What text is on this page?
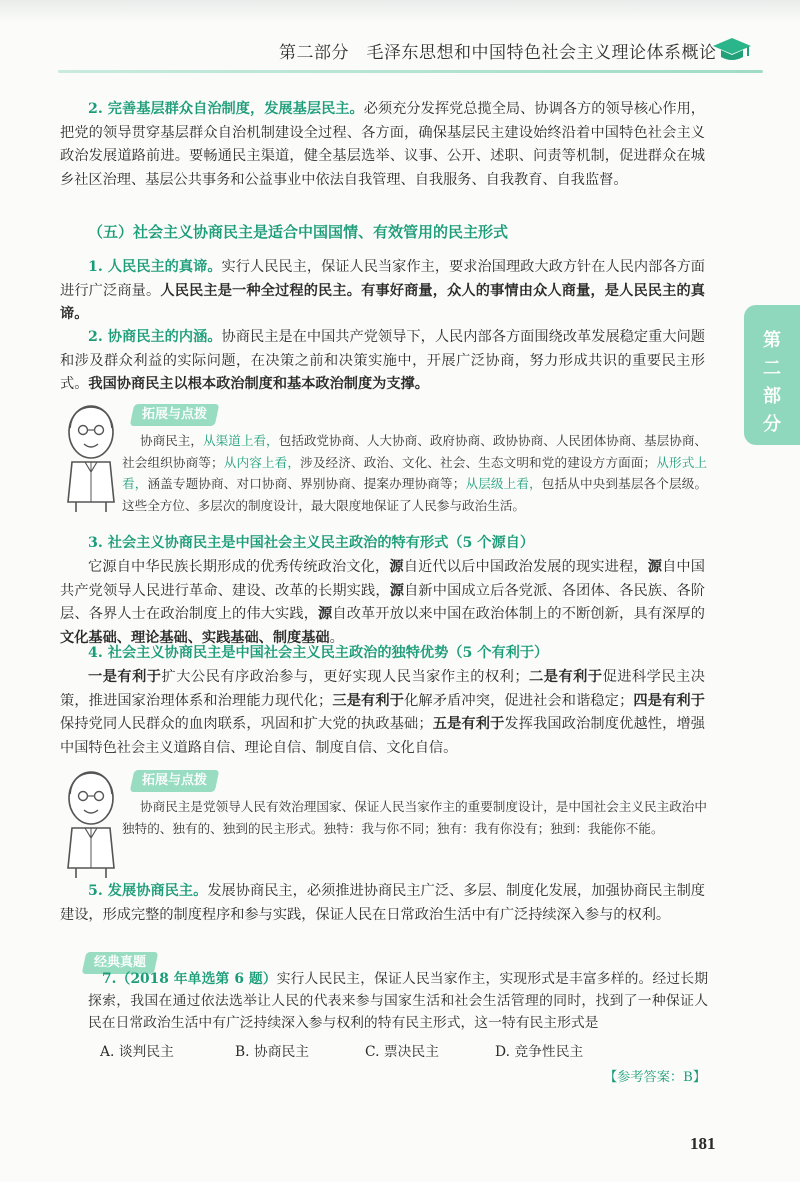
第二部分　毛泽东思想和中国特色社会主义理论体系概论
第二部分

2. 完善基层群众自治制度，发展基层民主。必须充分发挥党总揽全局、协调各方的领导核心作用，把党的领导贯穿基层群众自治机制建设全过程、各方面，确保基层民主建设始终沿着中国特色社会主义政治发展道路前进。要畅通民主渠道，健全基层选举、议事、公开、述职、问责等机制，促进群众在城乡社区治理、基层公共事务和公益事业中依法自我管理、自我服务、自我教育、自我监督。

（五）社会主义协商民主是适合中国国情、有效管用的民主形式

1. 人民民主的真谛。实行人民民主，保证人民当家作主，要求治国理政大政方针在人民内部各方面进行广泛商量。人民民主是一种全过程的民主。有事好商量，众人的事情由众人商量，是人民民主的真谛。

2. 协商民主的内涵。协商民主是在中国共产党领导下，人民内部各方面围绕改革发展稳定重大问题和涉及群众利益的实际问题，在决策之前和决策实施中，开展广泛协商，努力形成共识的重要民主形式。我国协商民主以根本政治制度和基本政治制度为支撑。

拓展与点拨

协商民主，从渠道上看，包括政党协商、人大协商、政府协商、政协协商、人民团体协商、基层协商、社会组织协商等；从内容上看，涉及经济、政治、文化、社会、生态文明和党的建设方方面面；从形式上看，涵盖专题协商、对口协商、界别协商、提案办理协商等；从层级上看，包括从中央到基层各个层级。这些全方位、多层次的制度设计，最大限度地保证了人民参与政治生活。

3. 社会主义协商民主是中国社会主义民主政治的特有形式（5 个源自）

它源自中华民族长期形成的优秀传统政治文化，源自近代以后中国政治发展的现实进程，源自中国共产党领导人民进行革命、建设、改革的长期实践，源自新中国成立后各党派、各团体、各民族、各阶层、各界人士在政治制度上的伟大实践，源自改革开放以来中国在政治体制上的不断创新，具有深厚的文化基础、理论基础、实践基础、制度基础。

4. 社会主义协商民主是中国社会主义民主政治的独特优势（5 个有利于）

一是有利于扩大公民有序政治参与，更好实现人民当家作主的权利；二是有利于促进科学民主决策，推进国家治理体系和治理能力现代化；三是有利于化解矛盾冲突，促进社会和谐稳定；四是有利于保持党同人民群众的血肉联系，巩固和扩大党的执政基础；五是有利于发挥我国政治制度优越性，增强中国特色社会主义道路自信、理论自信、制度自信、文化自信。

拓展与点拨

协商民主是党领导人民有效治理国家、保证人民当家作主的重要制度设计，是中国社会主义民主政治中独特的、独有的、独到的民主形式。独特：我与你不同；独有：我有你没有；独到：我能你不能。

5. 发展协商民主。发展协商民主，必须推进协商民主广泛、多层、制度化发展，加强协商民主制度建设，形成完整的制度程序和参与实践，保证人民在日常政治生活中有广泛持续深入参与的权利。

经典真题

7.（2018 年单选第 6 题）实行人民民主，保证人民当家作主，实现形式是丰富多样的。经过长期探索，我国在通过依法选举让人民的代表来参与国家生活和社会生活管理的同时，找到了一种保证人民在日常政治生活中有广泛持续深入参与权利的特有民主形式，这一特有民主形式是

A. 谈判民主	B. 协商民主	C. 票决民主	D. 竞争性民主
【参考答案：B】
181
